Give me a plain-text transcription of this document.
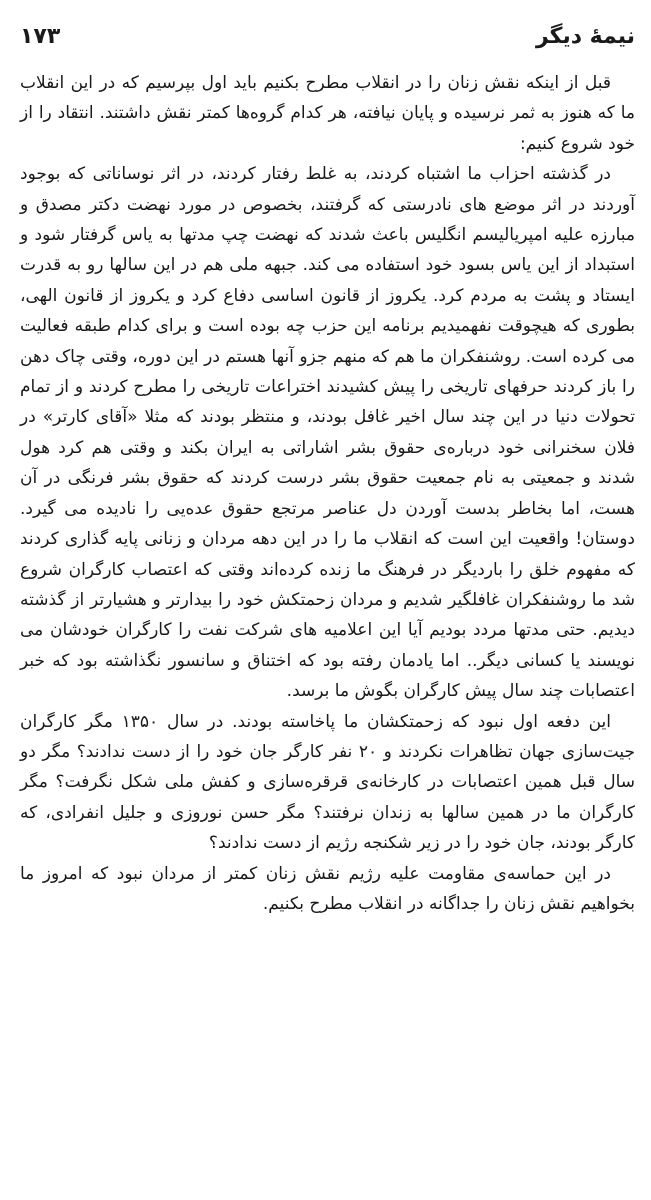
نیمهٔ دیگر
۱۷۳

قبل از اینکه نقش زنان را در انقلاب مطرح بکنیم باید اول بپرسیم که در این انقلاب ما که هنوز به ثمر نرسیده و پایان نیافته، هر کدام گروه‌ها کمتر نقش داشتند. انتقاد را از خود شروع کنیم:

در گذشته احزاب ما اشتباه کردند، به غلط رفتار کردند، در اثر نوساناتی که بوجود آوردند در اثر موضع های نادرستی که گرفتند، بخصوص در مورد نهضت دکتر مصدق و مبارزه علیه امپریالیسم انگلیس باعث شدند که نهضت چپ مدتها به یاس گرفتار شود و استبداد از این یاس بسود خود استفاده می کند. جبهه ملی هم در این سالها رو به قدرت ایستاد و پشت به مردم کرد. یکروز از قانون اساسی دفاع کرد و یکروز از قانون الهی، بطوری که هیچوقت نفهمیدیم برنامه این حزب چه بوده است و برای کدام طبقه فعالیت می کرده است. روشنفکران ما هم که منهم جزو آنها هستم در این دوره، وقتی چاک دهن را باز کردند حرفهای تاریخی را پیش کشیدند اختراعات تاریخی را مطرح کردند و از تمام تحولات دنیا در این چند سال اخیر غافل بودند، و منتظر بودند که مثلا «آقای کارتر» در فلان سخنرانی خود درباره‌ی حقوق بشر اشاراتی به ایران بکند و وقتی هم کرد هول شدند و جمعیتی به نام جمعیت حقوق بشر درست کردند که حقوق بشر فرنگی در آن هست، اما بخاطر بدست آوردن دل عناصر مرتجع حقوق عده‌یی را نادیده می گیرد. دوستان! واقعیت این است که انقلاب ما را در این دهه مردان و زنانی پایه گذاری کردند که مفهوم خلق را باردیگر در فرهنگ ما زنده کرده‌اند وقتی که اعتصاب کارگران شروع شد ما روشنفکران غافلگیر شدیم و مردان زحمتکش خود را بیدارتر و هشیارتر از گذشته دیدیم. حتی مدتها مردد بودیم آیا این اعلامیه های شرکت نفت را کارگران خودشان می نویسند یا کسانی دیگر.. اما یادمان رفته بود که اختناق و سانسور نگذاشته بود که خبر اعتصابات چند سال پیش کارگران بگوش ما برسد.

این دفعه اول نبود که زحمتکشان ما پاخاسته بودند. در سال ۱۳۵۰ مگر کارگران جیت‌سازی جهان تظاهرات نکردند و ۲۰ نفر کارگر جان خود را از دست ندادند؟ مگر دو سال قبل همین اعتصابات در کارخانه‌ی قرقره‌سازی و کفش ملی شکل نگرفت؟ مگر کارگران ما در همین سالها به زندان نرفتند؟ مگر حسن نوروزی و جلیل انفرادی، که کارگر بودند، جان خود را در زیر شکنجه رژیم از دست ندادند؟

در این حماسه‌ی مقاومت علیه رژیم نقش زنان کمتر از مردان نبود که امروز ما بخواهیم نقش زنان را جداگانه در انقلاب مطرح بکنیم.
